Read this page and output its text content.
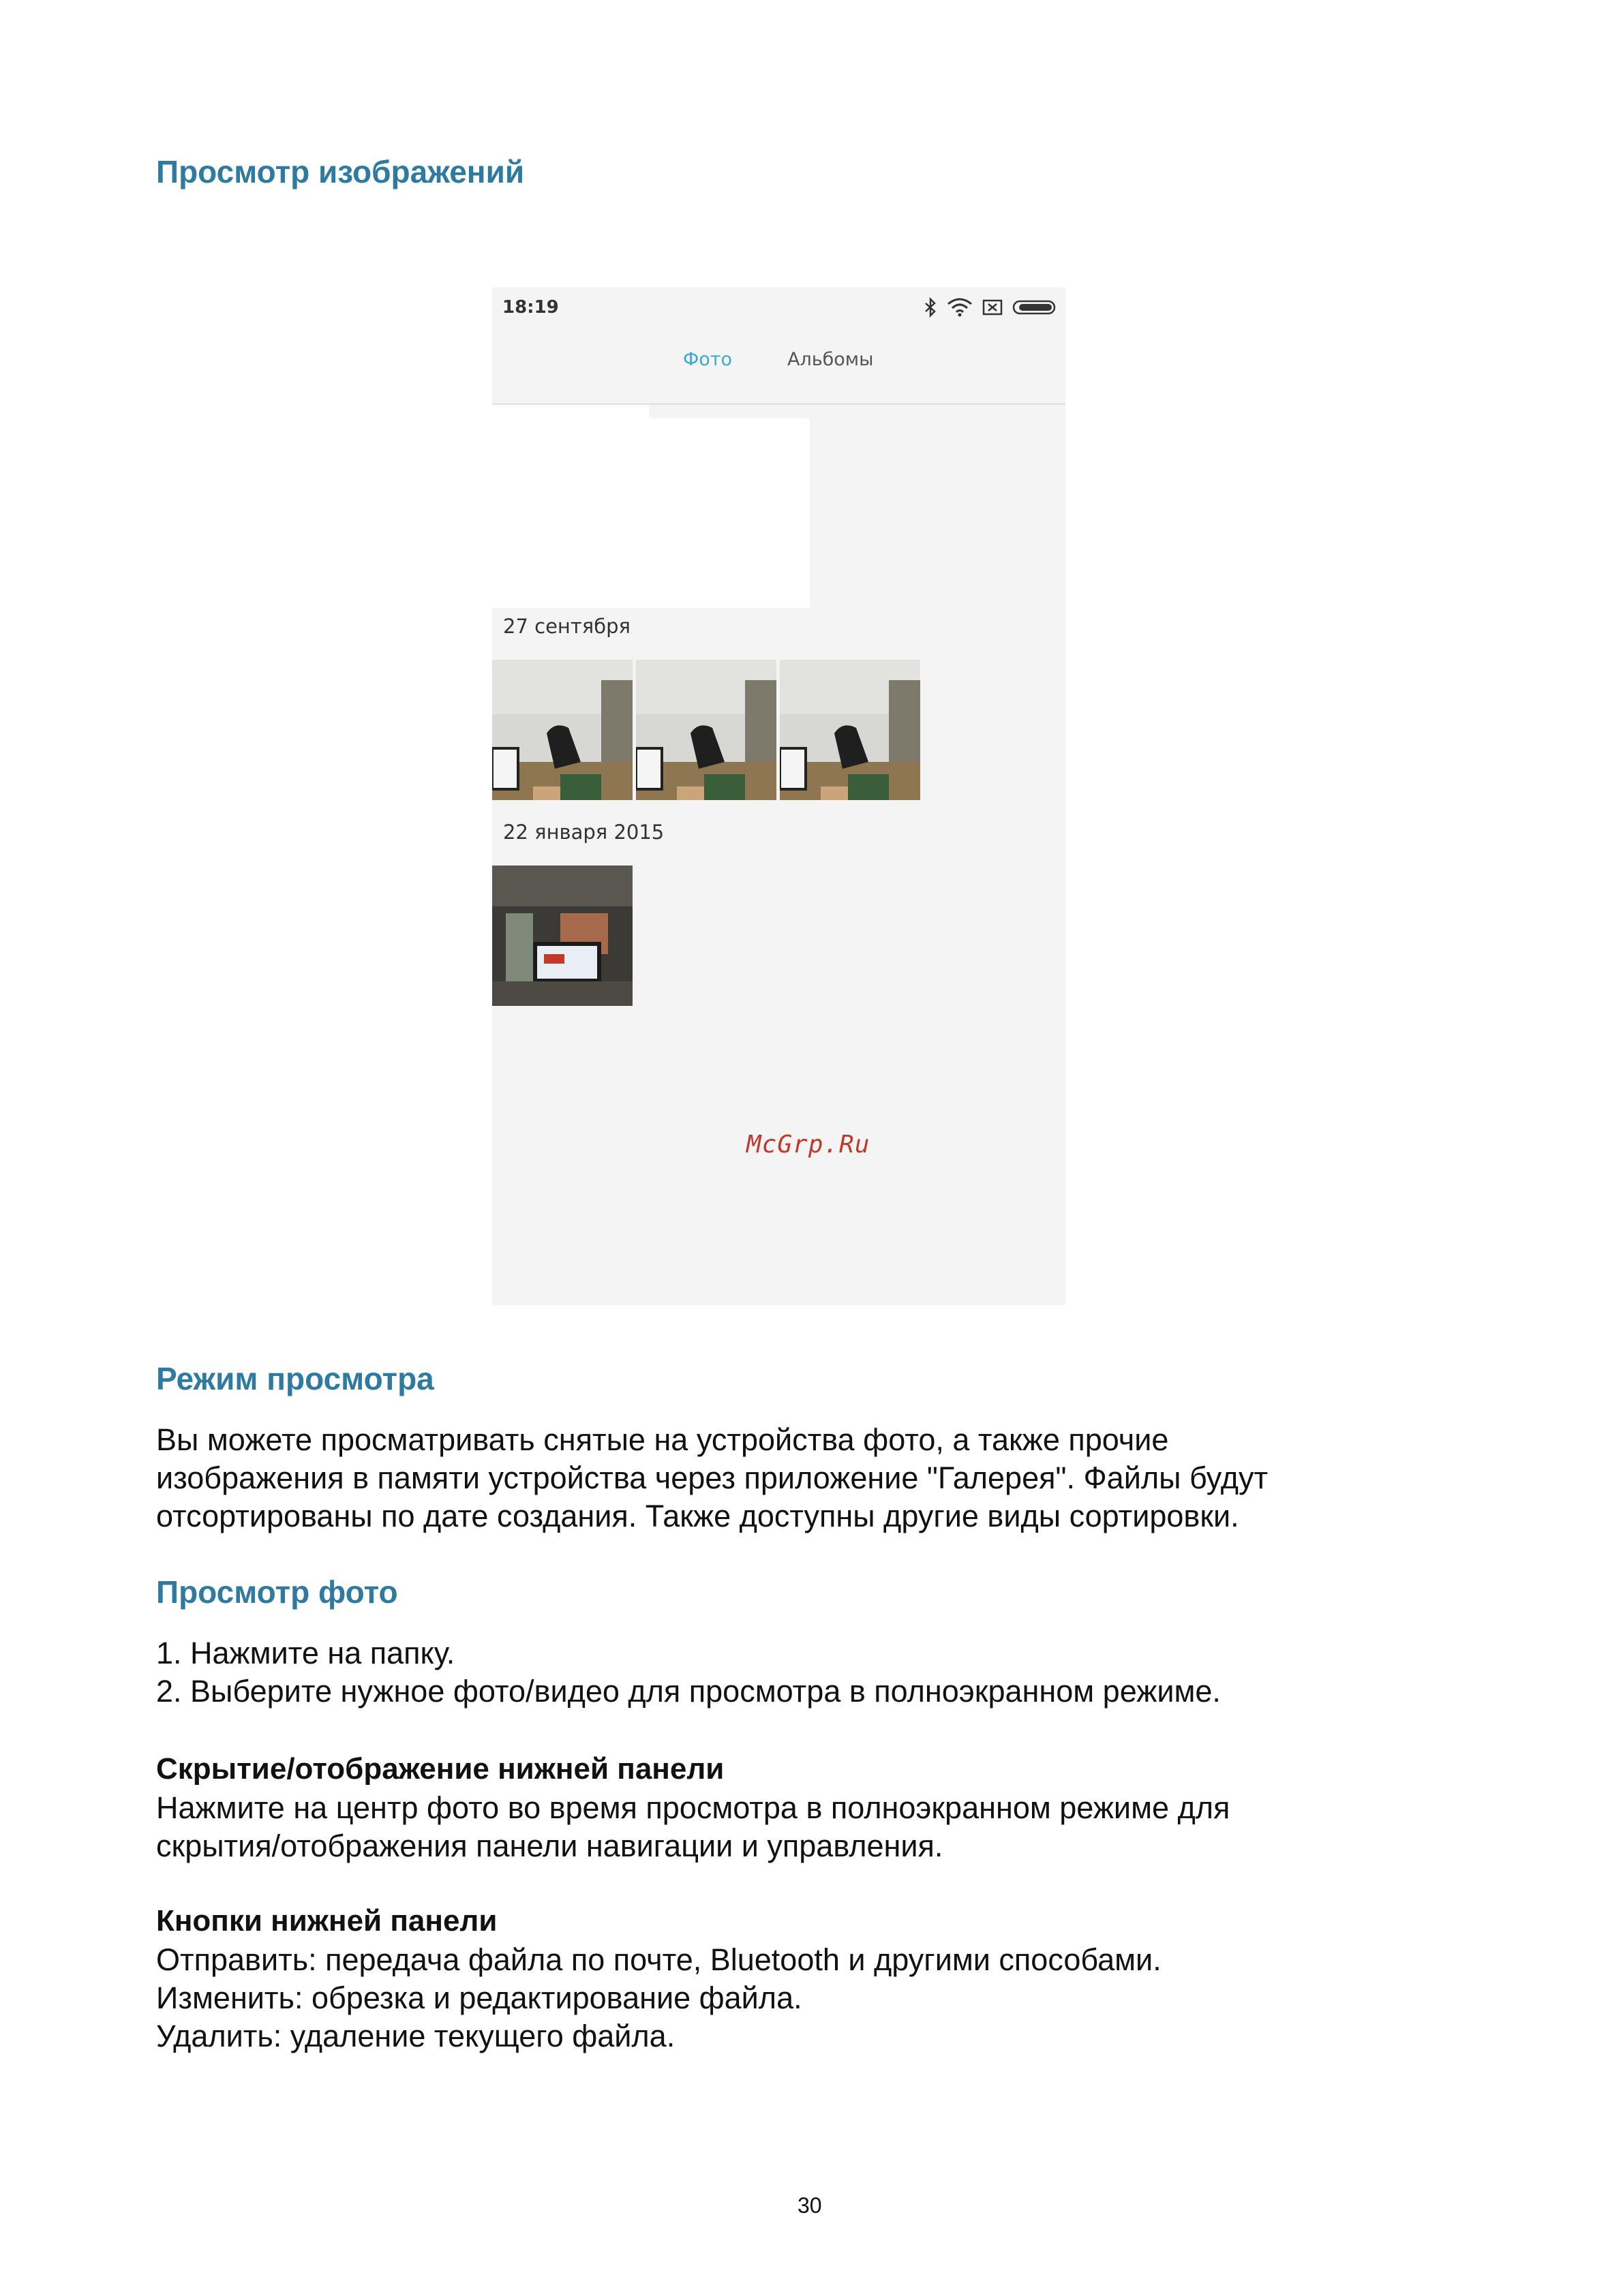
Просмотр изображений
18:19
Фото	Альбомы
27 сентября
22 января 2015
McGrp.Ru
Режим просмотра

Вы можете просматривать снятые на устройства фото, а также прочие

изображения в памяти устройства через приложение "Галерея". Файлы будут

отсортированы по дате создания. Также доступны другие виды сортировки.

Просмотр фото

1. Нажмите на папку.

2. Выберите нужное фото/видео для просмотра в полноэкранном режиме.

Скрытие/отображение нижней панели

Нажмите на центр фото во время просмотра в полноэкранном режиме для

скрытия/отображения панели навигации и управления.

Кнопки нижней панели

Отправить: передача файла по почте, Bluetooth и другими способами.

Изменить: обрезка и редактирование файла.

Удалить: удаление текущего файла.

30
